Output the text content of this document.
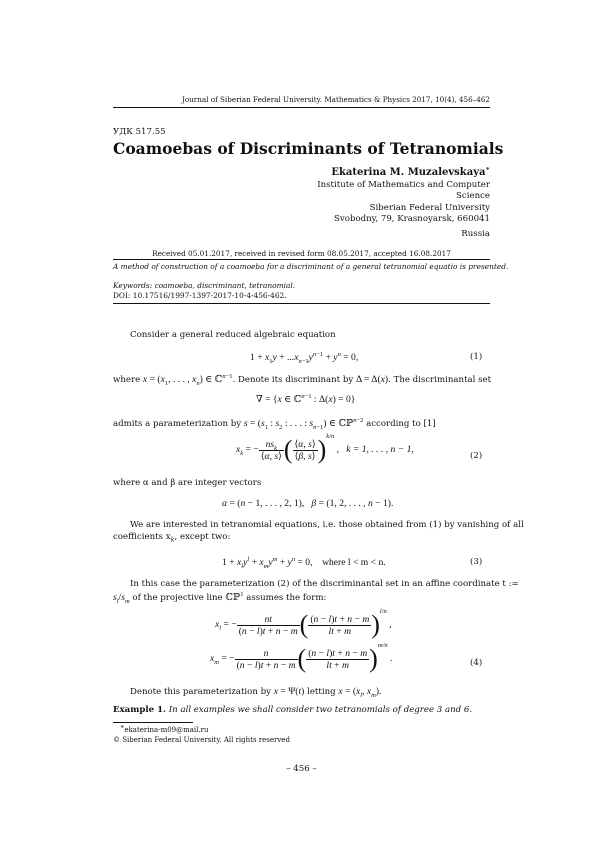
Journal of Siberian Federal University. Mathematics & Physics 2017, 10(4), 456–462
УДК 517.55
Coamoebas of Discriminants of Tetranomials
Ekaterina M. Muzalevskaya∗
Institute of Mathematics and Computer Science
Siberian Federal University
Svobodny, 79, Krasnoyarsk, 660041
Russia
Received 05.01.2017, received in revised form 08.05.2017, accepted 16.08.2017
A method of construction of a coamoeba for a discriminant of a general tetranomial equatio is presented.
Keywords: coamoeba, discriminant, tetranomial.
DOI: 10.17516/1997-1397-2017-10-4-456-462.
Consider a general reduced algebraic equation
$1 + x_1y + ...x_{n-1}y^{n-1} + y^n = 0$,	(1)
where $x = (x_1$, . . . , $x_n$) ∈ ℂ$^{n-1}$. Denote its discriminant by Δ = Δ(x). The discriminantal set
∇ = {x ∈ ℂ$^{n-1}$ : Δ(x) = 0}
admits a parameterization by $s = (s_1$ : $s_2$ : . . . : $s_{n-1}$) ∈ ℂℙ$^{n-2}$ according to [1]
$x_k$ = − $\frac{ns_k}{⟨\alpha, s⟩}$ ( $\frac{⟨\alpha, s⟩}{⟨\beta, s⟩} )^{k/n}$ ,   k = 1, . . . , n − 1,
(2)
where α and β are integer vectors
α = (n − 1, . . . , 2, 1),   β = (1, 2, . . . , n − 1).
We are interested in tetranomial equations, i.e. those obtained from (1) by vanishing of all
coefficients $x_k$, except two:
$1 + x_ly^l + x_my^m + y^n = 0$,    where l < m < n.	(3)
In this case the parameterization (2) of the discriminantal set in an affine coordinate t :=
$s_l/s_m$ of the projective line ℂℙ$^1$ assumes the form:
$x_l$ = − $\frac{nt}{(n - l)t + n - m}$ ( $\frac{(n - l)t + n - m}{lt + m} )^{l/n}$ ,
$x_m$ = − $\frac{n}{(n - l)t + n - m}$ ( $\frac{(n - l)t + n - m}{lt + m} )^{m/n}$ .	(4)
Denote this parameterization by x = Ψ(t) letting $x = (x_l$, $x_m$).
Example 1. In all examples we shall consider two tetranomials of degree 3 and 6.
∗ekaterina-m09@mail.ru
© Siberian Federal University. All rights reserved
– 456 –
